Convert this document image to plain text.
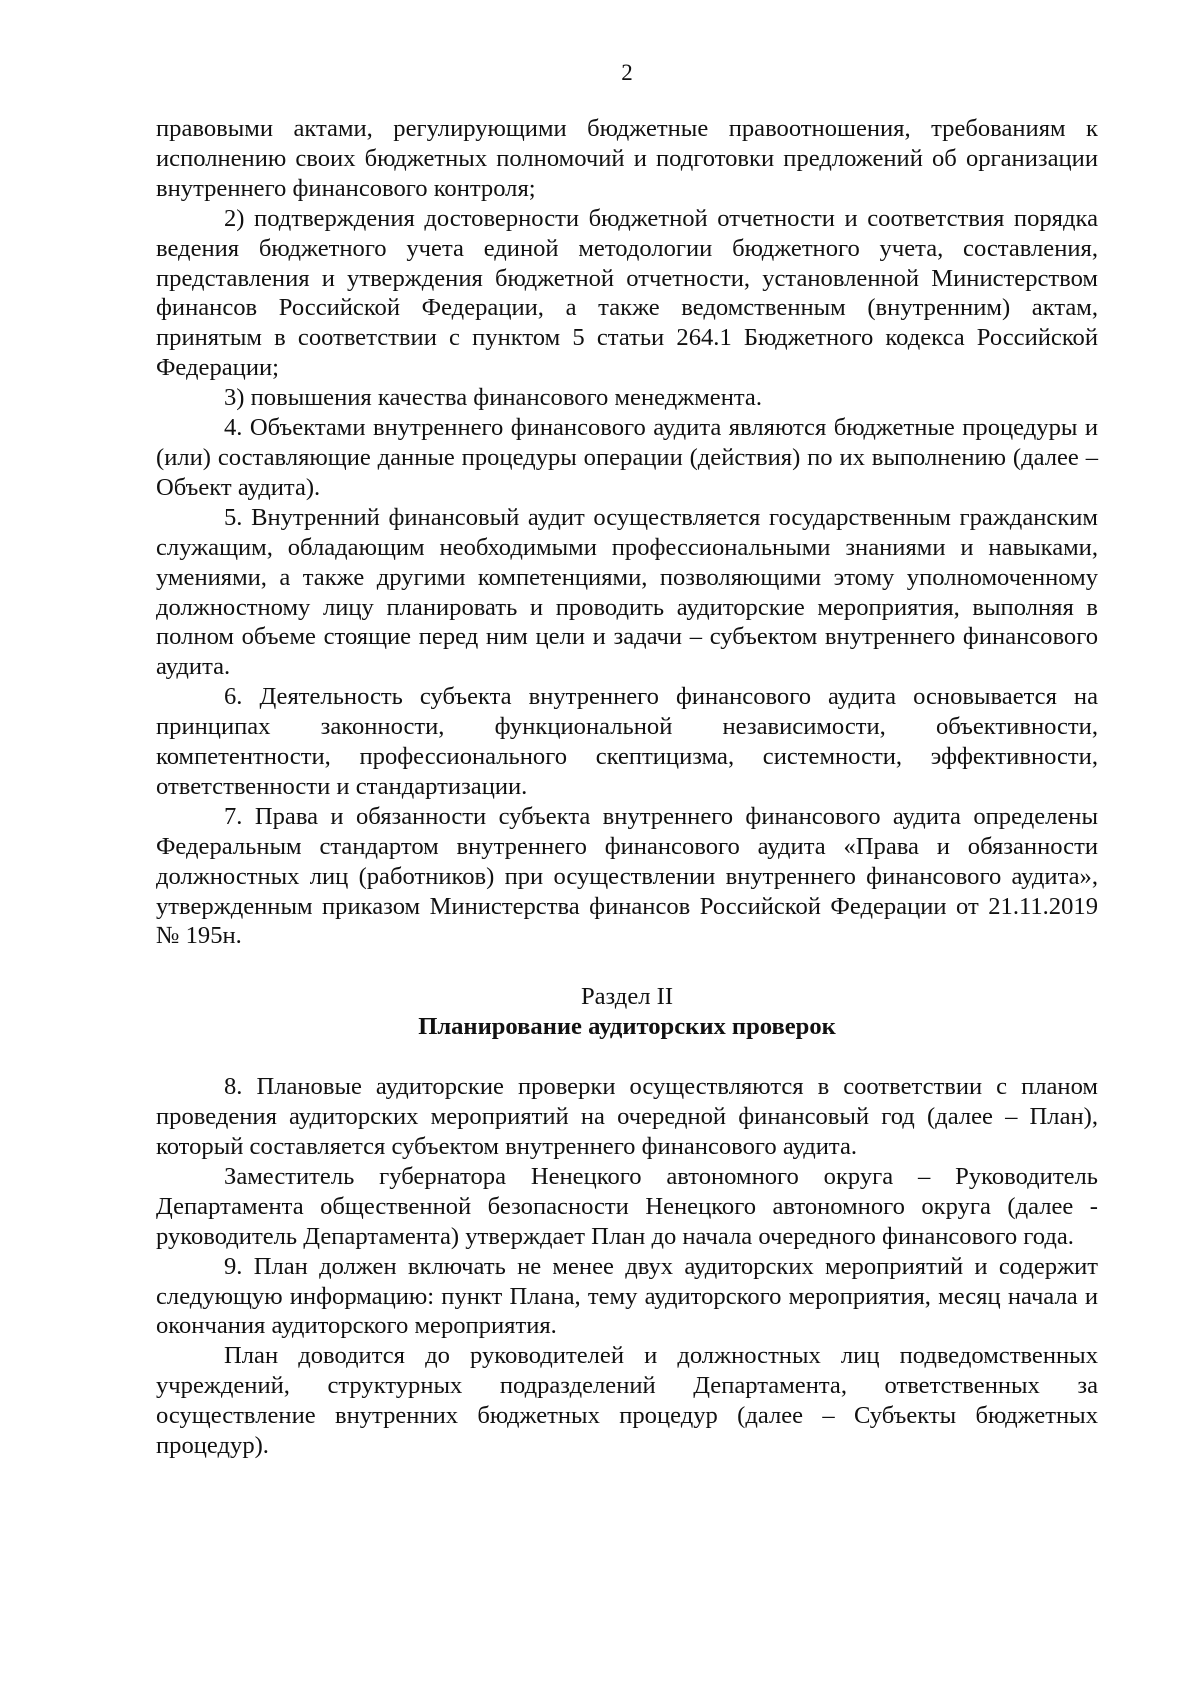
2

правовыми актами, регулирующими бюджетные правоотношения, требованиям к исполнению своих бюджетных полномочий и подготовки предложений об организации внутреннего финансового контроля;

2) подтверждения достоверности бюджетной отчетности и соответствия порядка ведения бюджетного учета единой методологии бюджетного учета, составления, представления и утверждения бюджетной отчетности, установленной Министерством финансов Российской Федерации, а также ведомственным (внутренним) актам, принятым в соответствии с пунктом 5 статьи 264.1 Бюджетного кодекса Российской Федерации;

3) повышения качества финансового менеджмента.

4. Объектами внутреннего финансового аудита являются бюджетные процедуры и (или) составляющие данные процедуры операции (действия) по их выполнению (далее – Объект аудита).

5. Внутренний финансовый аудит осуществляется государственным гражданским служащим, обладающим необходимыми профессиональными знаниями и навыками, умениями, а также другими компетенциями, позволяющими этому уполномоченному должностному лицу планировать и проводить аудиторские мероприятия, выполняя в полном объеме стоящие перед ним цели и задачи – субъектом внутреннего финансового аудита.

6. Деятельность субъекта внутреннего финансового аудита основывается на принципах законности, функциональной независимости, объективности, компетентности, профессионального скептицизма, системности, эффективности, ответственности и стандартизации.

7. Права и обязанности субъекта внутреннего финансового аудита определены Федеральным стандартом внутреннего финансового аудита «Права и обязанности должностных лиц (работников) при осуществлении внутреннего финансового аудита», утвержденным приказом Министерства финансов Российской Федерации от 21.11.2019 № 195н.

Раздел II
Планирование аудиторских проверок

8. Плановые аудиторские проверки осуществляются в соответствии с планом проведения аудиторских мероприятий на очередной финансовый год (далее – План), который составляется субъектом внутреннего финансового аудита.

Заместитель губернатора Ненецкого автономного округа – Руководитель Департамента общественной безопасности Ненецкого автономного округа (далее - руководитель Департамента) утверждает План до начала очередного финансового года.

9. План должен включать не менее двух аудиторских мероприятий и содержит следующую информацию: пункт Плана, тему аудиторского мероприятия, месяц начала и окончания аудиторского мероприятия.

План доводится до руководителей и должностных лиц подведомственных учреждений, структурных подразделений Департамента, ответственных за осуществление внутренних бюджетных процедур (далее – Субъекты бюджетных процедур).
